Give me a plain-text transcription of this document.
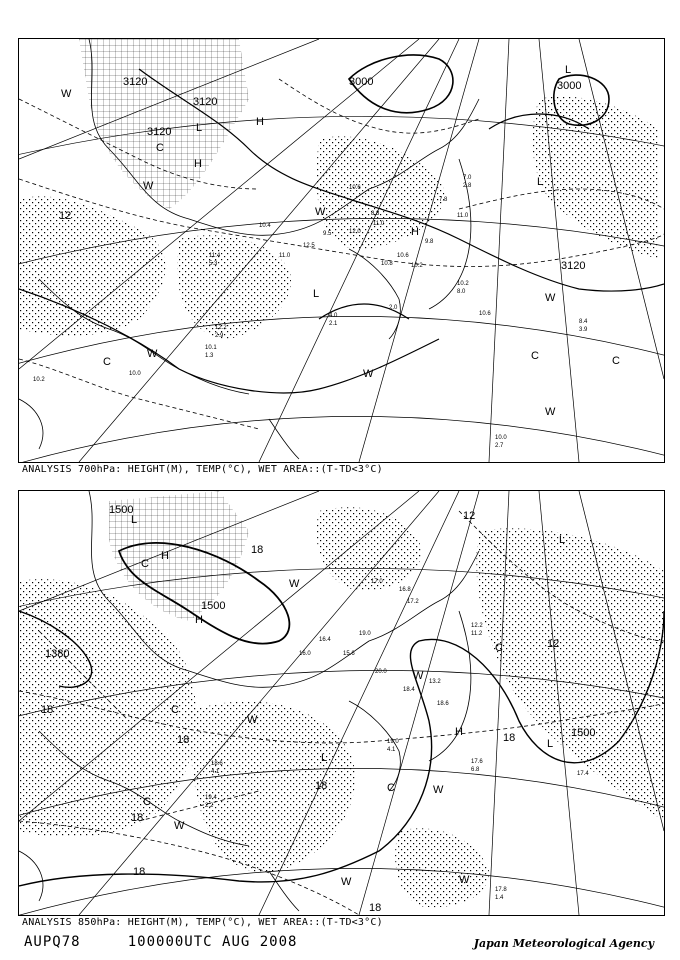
3120
3120
3120
3000	3000
3120
H
H
H
L
L
L
L
W
W
W
W
W
W
W
C
C	C	C
12
10.4
11.0
12.5
9.5
10.6
8.8
11.0
12.0
10.8
10.6
10.2
9.8
11.0
7.8
10.2
8.0
10.0
2.7
8.4
3.9
10.6
2.0
4.0
2.1
12.2
2.9
10.1
1.3
10.0
10.2
11.4
5.3
7.0
2.8
ANALYSIS 700hPa: HEIGHT(M), TEMP(°C), WET AREA::(T-TD<3°C)
1500
1500
1380
1500
H
H
H
L
L
L
L
W
W
W
W
W
W	W
C
C
C
C
C
18
12
18
18
18
18
18
18
12
18
17.0
16.8
17.2
19.0
20.0
18.4
18.6
19.0
4.1
17.6
6.8
17.8
1.4
19.4
2.2
18.6
4.1	17.4
13.2
16.0
16.4
15.6
12.2
11.2
ANALYSIS 850hPa: HEIGHT(M), TEMP(°C), WET AREA::(T-TD<3°C)
AUPQ78	100000UTC AUG 2008	Japan Meteorological Agency
